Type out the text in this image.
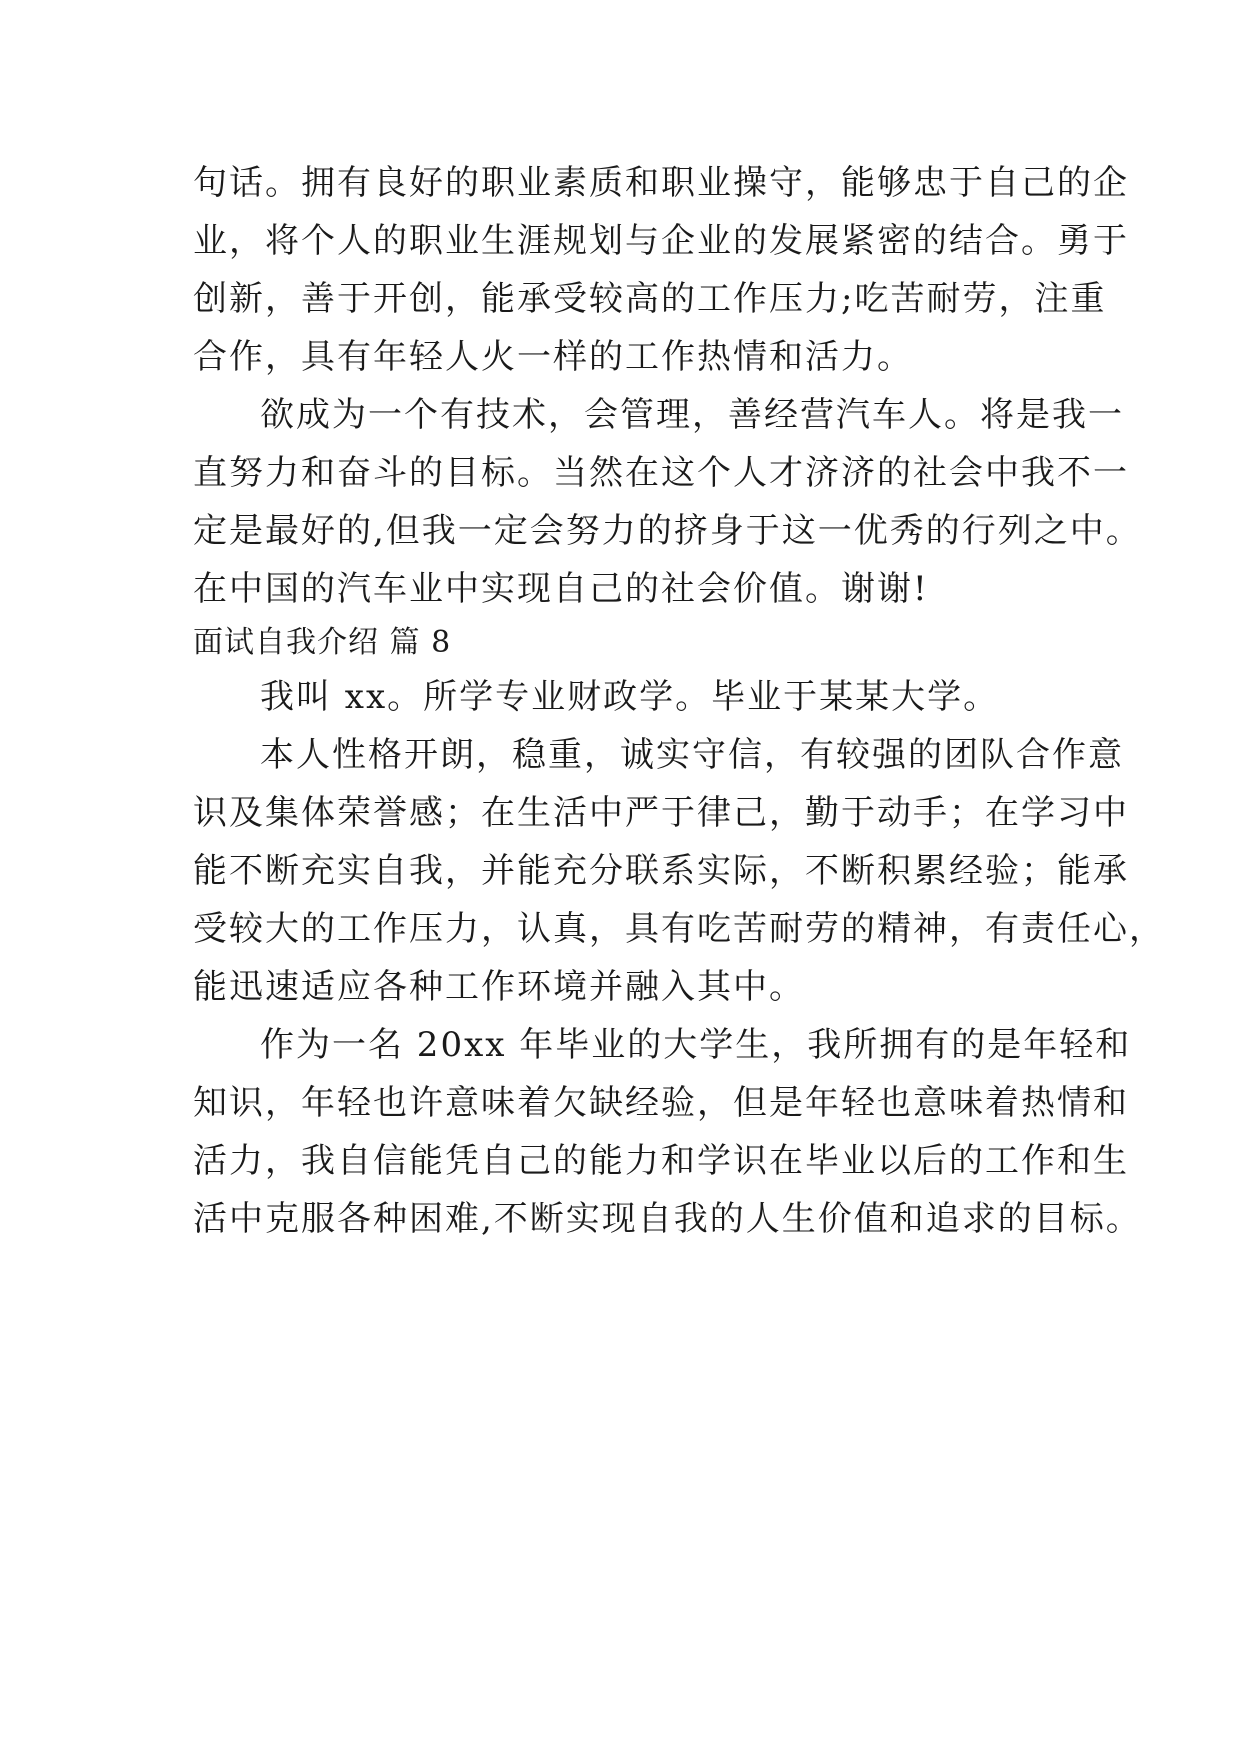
句话。拥有良好的职业素质和职业操守，能够忠于自己的企
业，将个人的职业生涯规划与企业的发展紧密的结合。勇于
创新，善于开创，能承受较高的工作压力;吃苦耐劳，注重
合作，具有年轻人火一样的工作热情和活力。
欲成为一个有技术，会管理，善经营汽车人。将是我一
直努力和奋斗的目标。当然在这个人才济济的社会中我不一
定是最好的,但我一定会努力的挤身于这一优秀的行列之中。
在中国的汽车业中实现自己的社会价值。谢谢!
面试自我介绍 篇 8
我叫 xx。所学专业财政学。毕业于某某大学。
本人性格开朗，稳重，诚实守信，有较强的团队合作意
识及集体荣誉感；在生活中严于律己，勤于动手；在学习中
能不断充实自我，并能充分联系实际，不断积累经验；能承
受较大的工作压力，认真，具有吃苦耐劳的精神，有责任心，
能迅速适应各种工作环境并融入其中。
作为一名 20xx 年毕业的大学生，我所拥有的是年轻和
知识，年轻也许意味着欠缺经验，但是年轻也意味着热情和
活力，我自信能凭自己的能力和学识在毕业以后的工作和生
活中克服各种困难,不断实现自我的人生价值和追求的目标。
